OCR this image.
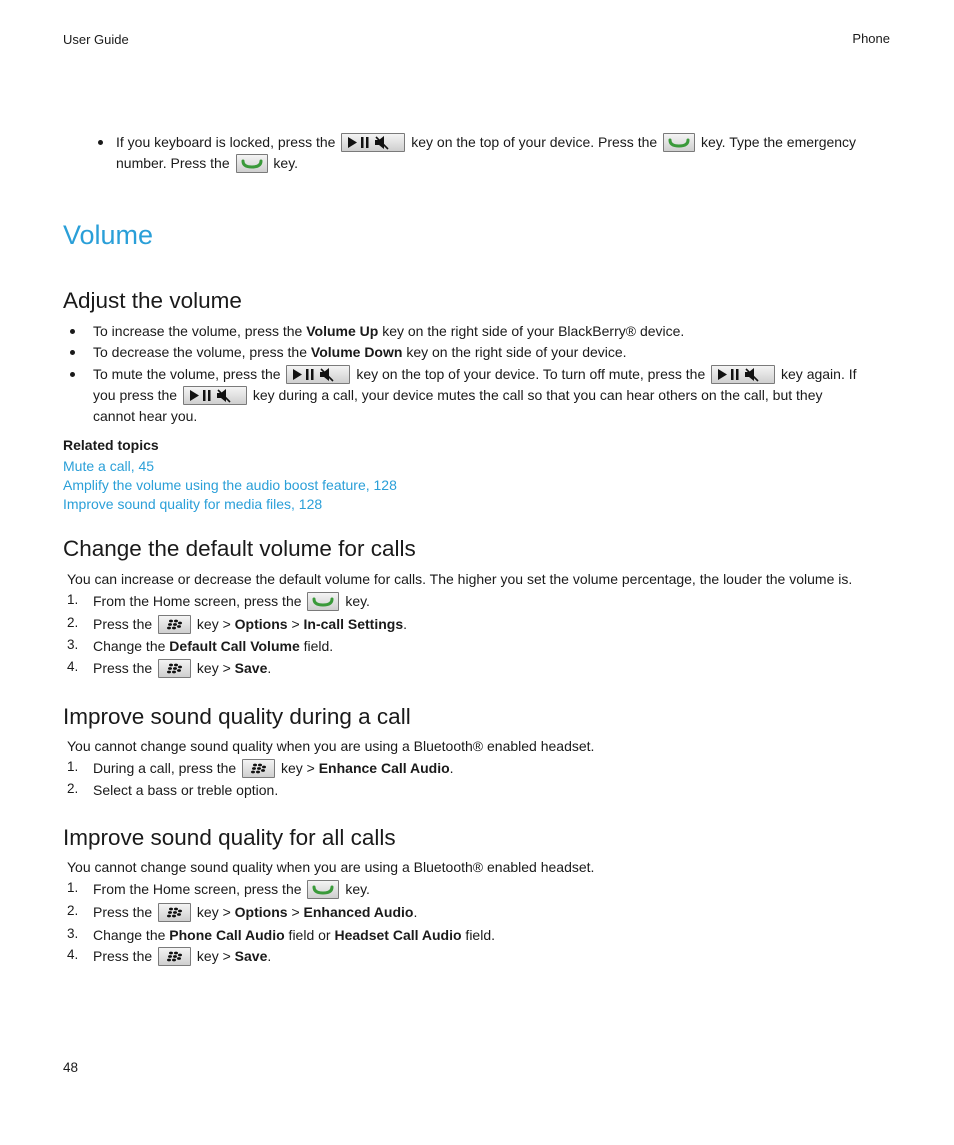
User Guide	Phone
If you keyboard is locked, press the	key on the top of your device. Press the	key. Type the emergency
number. Press the	key.
Volume
Adjust the volume
To increase the volume, press the Volume Up key on the right side of your BlackBerry® device.
To decrease the volume, press the Volume Down key on the right side of your device.
To mute the volume, press the	key on the top of your device. To turn off mute, press the	key again. If
you press the	key during a call, your device mutes the call so that you can hear others on the call, but they
cannot hear you.
Related topics
Mute a call, 45
Amplify the volume using the audio boost feature, 128
Improve sound quality for media files, 128
Change the default volume for calls
You can increase or decrease the default volume for calls. The higher you set the volume percentage, the louder the volume is.
1. From the Home screen, press the	key.
2. Press the	key > Options > In-call Settings.
3. Change the Default Call Volume field.
4. Press the	key > Save.
Improve sound quality during a call
You cannot change sound quality when you are using a Bluetooth® enabled headset.
1. During a call, press the	key > Enhance Call Audio.
2. Select a bass or treble option.
Improve sound quality for all calls
You cannot change sound quality when you are using a Bluetooth® enabled headset.
1. From the Home screen, press the	key.
2. Press the	key > Options > Enhanced Audio.
3. Change the Phone Call Audio field or Headset Call Audio field.
4. Press the	key > Save.
48
